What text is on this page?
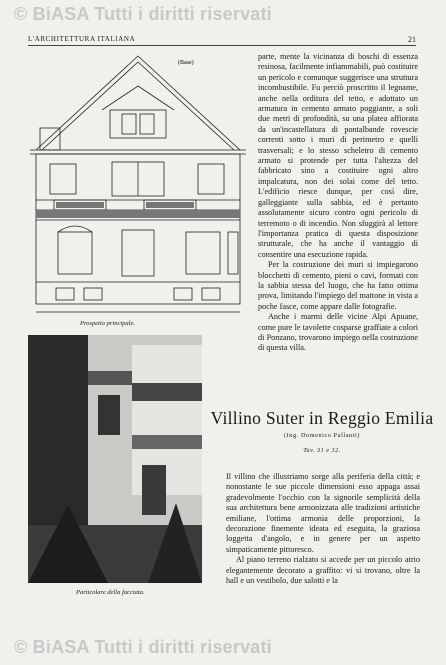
© BiASA Tutti i diritti riservati
L'ARCHITETTURA ITALIANA	21
(Base)
Prospetto principale.
Particolare della facciata.

parte, mente la vicinanza di boschi di essenza resinosa, facilmente infiammabili, può costituire un pericolo e comunque suggerisce una struttura incombustibile. Fu perciò proscritto il legname, anche nella orditura del tetto, e adottato un armatura in cemento armato poggiante, a soli due metri di profondità, su una platea affiorata da un'incastellatura di pontalbande rovescie correnti sotto i muri di perimetro e quelli trasversali; e lo stesso scheletro di cemento armato si protende per tutta l'altezza del fabbricato sino a costituire ogni altro impalcatura, non dei solai come del tetto. L'edificio riesce dunque, per così dire, galleggiante sulla sabbia, ed è pertanto assolutamente sicuro contro ogni pericolo di terremoto o di incendio. Non sfuggirà al lettore l'importanza pratica di questa disposizione strutturale, che ha anche il vantaggio di consentire una esecuzione rapida.

Per la costruzione dei muri si impiegarono blocchetti di cemento, pieni o cavi, formati con la sabbia stessa del luogo, che ha fatto ottima prova, limitando l'impiego del mattone in vista a poche fasce, come appare dalle fotografie.

Anche i marmi delle vicine Alpi Apuane, come pure le tavolette cosparse graffiate a colori di Ponzano, trovarono impiego nella costruzione di questa villa.

Villino Suter in Reggio Emilia
(Ing. Domenico Pallanti)
Tav. 31 e 32.

Il villino che illustriamo sorge alla periferia della città; e nonostante le sue piccole dimensioni esso appaga assai gradevolmente l'occhio con la signorile semplicità della sua architettura bene armonizzata alle tradizioni artistiche emiliane, l'ottima armonia delle proporzioni, la decorazione finemente ideata ed eseguita, la graziosa loggetta d'angolo, e in genere per un aspetto simpaticamente pittoresco.

Al piano terreno rialzato si accede per un piccolo atrio elegantemente decorato a graffito: vi si trovano, oltre la hall e un vestibolo, due salotti e la

© BiASA Tutti i diritti riservati
